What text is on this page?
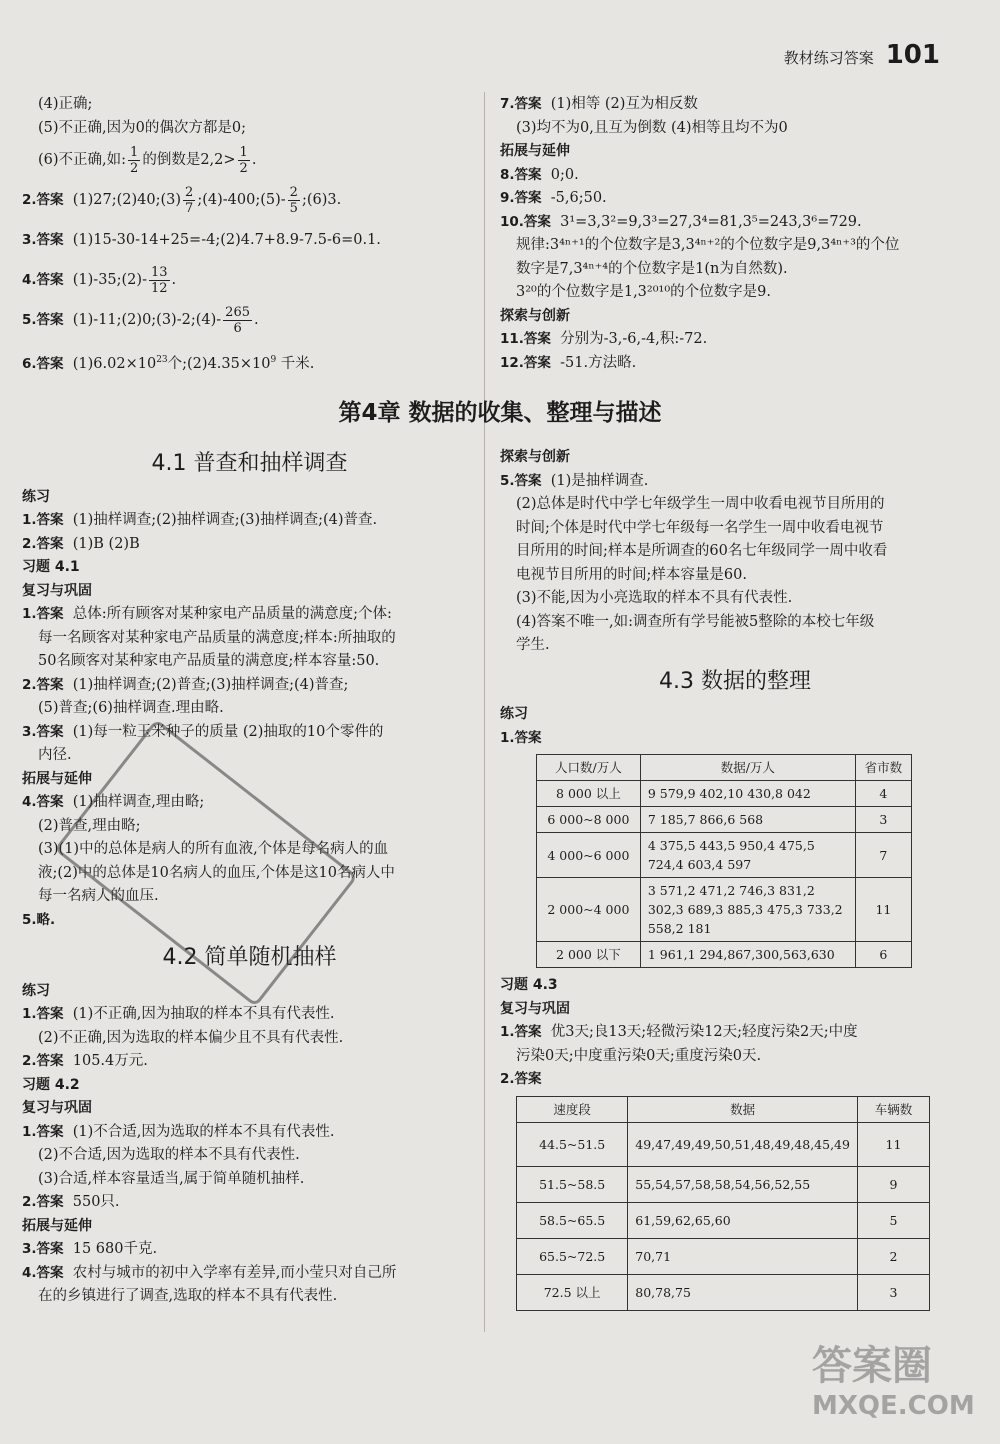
教材练习答案 101

(4)正确;

(5)不正确,因为0的偶次方都是0;

(6)不正确,如: $\frac{1}{2}$ 的倒数是$2,2> \frac{1}{2}$ .

2.答案 (1)27;(2)40;(3) $\frac{2}{7}$ ;(4)-400;(5)- $\frac{2}{5}$ ;(6)3.

3.答案 (1)15-30-14+25=-4;(2)4.7+8.9-7.5-6=0.1.

4.答案 (1)-35;(2)- $\frac{13}{12}$ .

5.答案 (1)-11;(2)0;(3)-2;(4)- $\frac{265}{6}$ .

6.答案 $(1)6.02\times 10^{23}$个$;(2)4.35\times 10^9$ 千米.

7.答案 (1)相等 (2)互为相反数

(3)均不为0,且互为倒数 (4)相等且均不为0

拓展与延伸

8.答案 0;0.

9.答案 -5,6;50.

10.答案 3¹=3,3²=9,3³=27,3⁴=81,3⁵=243,3⁶=729.

规律:3⁴ⁿ⁺¹的个位数字是3,3⁴ⁿ⁺²的个位数字是9,3⁴ⁿ⁺³的个位

数字是7,3⁴ⁿ⁺⁴的个位数字是1(n为自然数).

3²⁰的个位数字是1,3²⁰¹⁰的个位数字是9.

探索与创新

11.答案 分别为-3,-6,-4,积:-72.

12.答案 -51.方法略.

第4章 数据的收集、整理与描述
4.1 普查和抽样调查

练习

1.答案 (1)抽样调查;(2)抽样调查;(3)抽样调查;(4)普查.

2.答案 (1)B (2)B

习题 4.1

复习与巩固

1.答案 总体:所有顾客对某种家电产品质量的满意度;个体:

每一名顾客对某种家电产品质量的满意度;样本:所抽取的

50名顾客对某种家电产品质量的满意度;样本容量:50.

2.答案 (1)抽样调查;(2)普查;(3)抽样调查;(4)普查;

(5)普查;(6)抽样调查.理由略.

3.答案 (1)每一粒玉米种子的质量 (2)抽取的10个零件的

内径.

拓展与延伸

4.答案 (1)抽样调查,理由略;

(2)普查,理由略;

(3)(1)中的总体是病人的所有血液,个体是每名病人的血

液;(2)中的总体是10名病人的血压,个体是这10名病人中

每一名病人的血压.

5.略.

4.2 简单随机抽样

练习

1.答案 (1)不正确,因为抽取的样本不具有代表性.

(2)不正确,因为选取的样本偏少且不具有代表性.

2.答案 105.4万元.

习题 4.2

复习与巩固

1.答案 (1)不合适,因为选取的样本不具有代表性.

(2)不合适,因为选取的样本不具有代表性.

(3)合适,样本容量适当,属于简单随机抽样.

2.答案 550只.

拓展与延伸

3.答案 15 680千克.

4.答案 农村与城市的初中入学率有差异,而小莹只对自己所

在的乡镇进行了调查,选取的样本不具有代表性.

探索与创新

5.答案 (1)是抽样调查.

(2)总体是时代中学七年级学生一周中收看电视节目所用的

时间;个体是时代中学七年级每一名学生一周中收看电视节

目所用的时间;样本是所调查的60名七年级同学一周中收看

电视节目所用的时间;样本容量是60.

(3)不能,因为小亮选取的样本不具有代表性.

(4)答案不唯一,如:调查所有学号能被5整除的本校七年级

学生.

4.3 数据的整理

练习

1.答案

人口数/万人	数据/万人	省市数
8 000 以上	9 579,9 402,10 430,8 042	4
6 000~8 000	7 185,7 866,6 568	3
4 000~6 000	4 375,5 443,5 950,4 475,5 724,4 603,4 597	7
2 000~4 000	3 571,2 471,2 746,3 831,2 302,3 689,3 885,3 475,3 733,2 558,2 181	11
2 000 以下	1 961,1 294,867,300,563,630	6

习题 4.3

复习与巩固

1.答案 优3天;良13天;轻微污染12天;轻度污染2天;中度

污染0天;中度重污染0天;重度污染0天.

2.答案

速度段	数据	车辆数
44.5~51.5	49,47,49,49,50,51,48,49,48,45,49	11
51.5~58.5	55,54,57,58,58,54,56,52,55	9
58.5~65.5	61,59,62,65,60	5
65.5~72.5	70,71	2
72.5 以上	80,78,75	3
答案圈
MXQE.COM
